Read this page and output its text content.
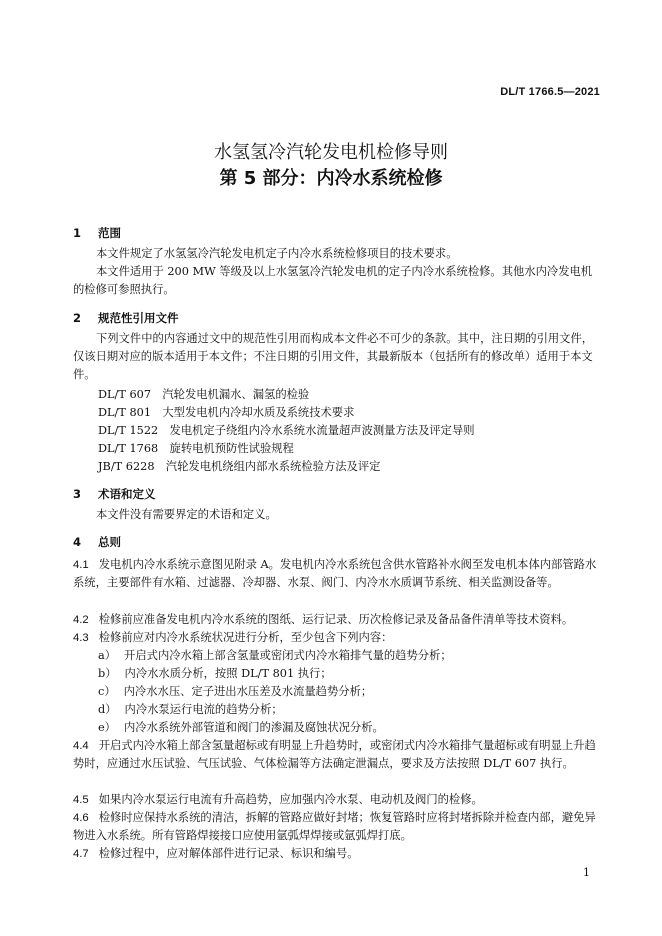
DL/T 1766.5—2021
水氢氢冷汽轮发电机检修导则
第 5 部分：内冷水系统检修
1 范围
本文件规定了水氢氢冷汽轮发电机定子内冷水系统检修项目的技术要求。
本文件适用于 200 MW 等级及以上水氢氢冷汽轮发电机的定子内冷水系统检修。其他水内冷发电机的检修可参照执行。
2 规范性引用文件
下列文件中的内容通过文中的规范性引用而构成本文件必不可少的条款。其中，注日期的引用文件，仅该日期对应的版本适用于本文件；不注日期的引用文件，其最新版本（包括所有的修改单）适用于本文件。
DL/T 607　汽轮发电机漏水、漏氢的检验
DL/T 801　大型发电机内冷却水质及系统技术要求
DL/T 1522　发电机定子绕组内冷水系统水流量超声波测量方法及评定导则
DL/T 1768　旋转电机预防性试验规程
JB/T 6228　汽轮发电机绕组内部水系统检验方法及评定
3 术语和定义
本文件没有需要界定的术语和定义。
4 总则
4.1 发电机内冷水系统示意图见附录 A。发电机内冷水系统包含供水管路补水阀至发电机本体内部管路水系统，主要部件有水箱、过滤器、冷却器、水泵、阀门、内冷水水质调节系统、相关监测设备等。
4.2 检修前应准备发电机内冷水系统的图纸、运行记录、历次检修记录及备品备件清单等技术资料。
4.3 检修前应对内冷水系统状况进行分析，至少包含下列内容：
a） 开启式内冷水箱上部含氢量或密闭式内冷水箱排气量的趋势分析；
b） 内冷水水质分析，按照 DL/T 801 执行；
c） 内冷水水压、定子进出水压差及水流量趋势分析；
d） 内冷水泵运行电流的趋势分析；
e） 内冷水系统外部管道和阀门的渗漏及腐蚀状况分析。
4.4 开启式内冷水箱上部含氢量超标或有明显上升趋势时，或密闭式内冷水箱排气量超标或有明显上升趋势时，应通过水压试验、气压试验、气体检漏等方法确定泄漏点，要求及方法按照 DL/T 607 执行。
4.5 如果内冷水泵运行电流有升高趋势，应加强内冷水泵、电动机及阀门的检修。
4.6 检修时应保持水系统的清洁，拆解的管路应做好封堵；恢复管路时应将封堵拆除并检查内部，避免异物进入水系统。所有管路焊接接口应使用氩弧焊焊接或氩弧焊打底。
4.7 检修过程中，应对解体部件进行记录、标识和编号。
1
